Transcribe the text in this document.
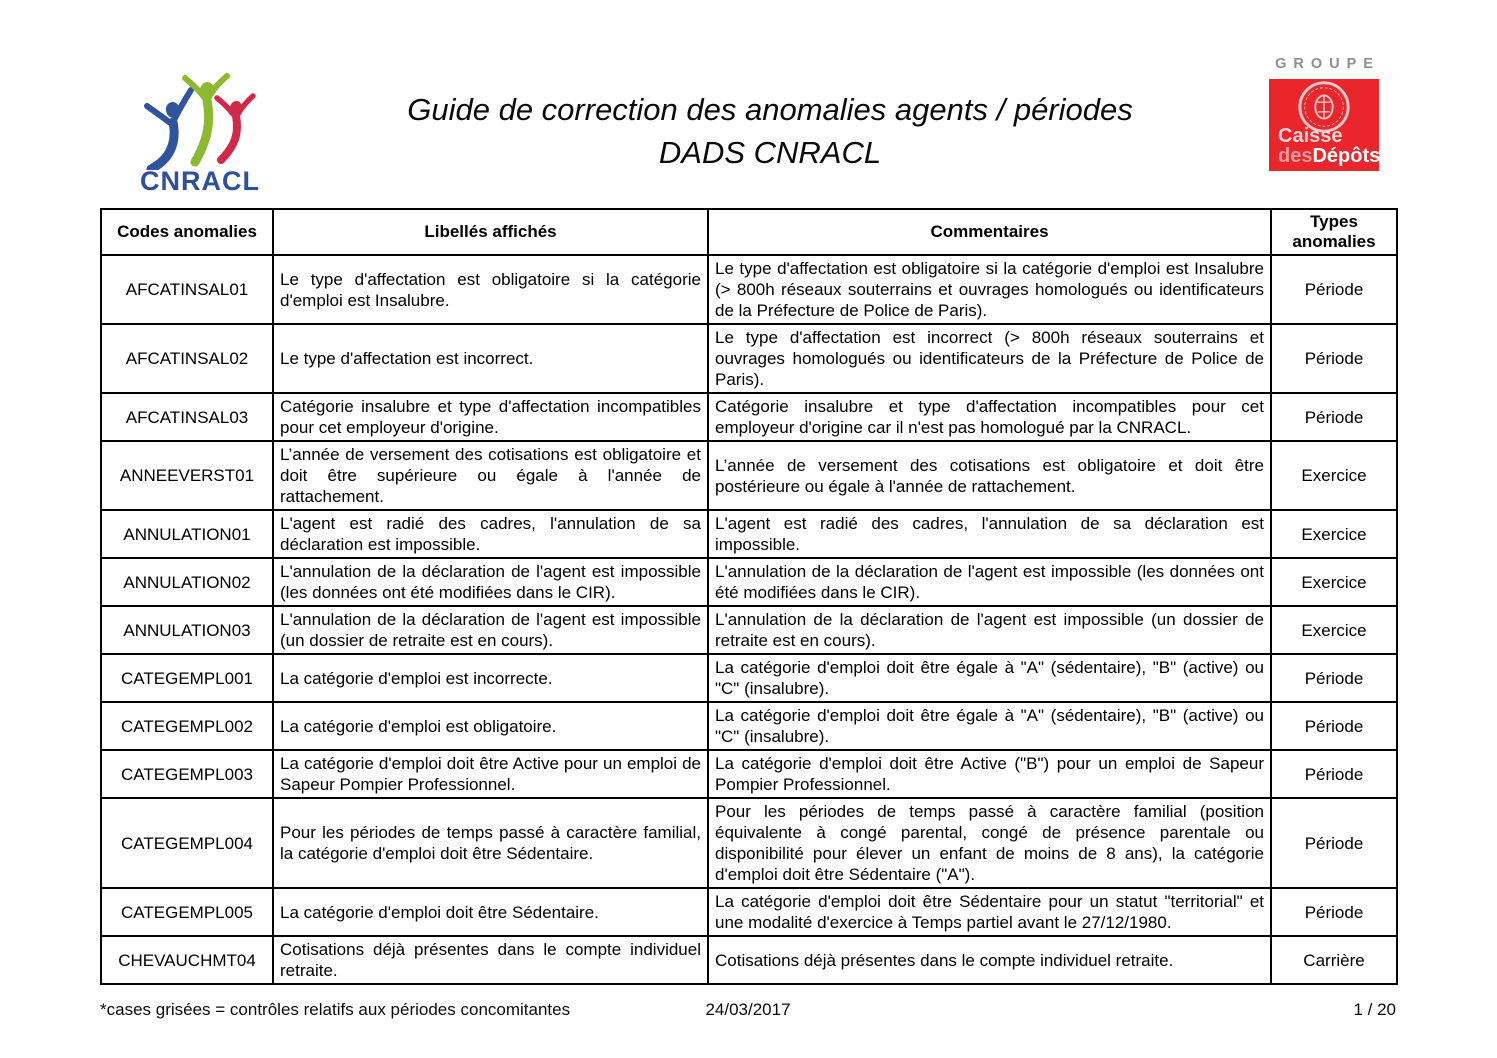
CNRACL
Guide de correction des anomalies agents / périodes
DADS CNRACL
GROUPE
Caisse
desDépôts
Codes anomalies	Libellés affichés	Commentaires	Types anomalies
AFCATINSAL01	Le type d'affectation est obligatoire si la catégorie d'emploi est Insalubre.	Le type d'affectation est obligatoire si la catégorie d'emploi est Insalubre (> 800h réseaux souterrains et ouvrages homologués ou identificateurs de la Préfecture de Police de Paris).	Période
AFCATINSAL02	Le type d'affectation est incorrect.	Le type d'affectation est incorrect (> 800h réseaux souterrains et ouvrages homologués ou identificateurs de la Préfecture de Police de Paris).	Période
AFCATINSAL03	Catégorie insalubre et type d'affectation incompatibles pour cet employeur d'origine.	Catégorie insalubre et type d'affectation incompatibles pour cet employeur d'origine car il n'est pas homologué par la CNRACL.	Période
ANNEEVERST01	L’année de versement des cotisations est obligatoire et doit être supérieure ou égale à l'année de rattachement.	L’année de versement des cotisations est obligatoire et doit être postérieure ou égale à l'année de rattachement.	Exercice
ANNULATION01	L'agent est radié des cadres, l'annulation de sa déclaration est impossible.	L'agent est radié des cadres, l'annulation de sa déclaration est impossible.	Exercice
ANNULATION02	L'annulation de la déclaration de l'agent est impossible (les données ont été modifiées dans le CIR).	L'annulation de la déclaration de l'agent est impossible (les données ont été modifiées dans le CIR).	Exercice
ANNULATION03	L'annulation de la déclaration de l'agent est impossible (un dossier de retraite est en cours).	L'annulation de la déclaration de l'agent est impossible (un dossier de retraite est en cours).	Exercice
CATEGEMPL001	La catégorie d'emploi est incorrecte.	La catégorie d'emploi doit être égale à "A" (sédentaire), "B" (active) ou "C" (insalubre).	Période
CATEGEMPL002	La catégorie d'emploi est obligatoire.	La catégorie d'emploi doit être égale à "A" (sédentaire), "B" (active) ou "C" (insalubre).	Période
CATEGEMPL003	La catégorie d'emploi doit être Active pour un emploi de Sapeur Pompier Professionnel.	La catégorie d'emploi doit être Active ("B") pour un emploi de Sapeur Pompier Professionnel.	Période
CATEGEMPL004	Pour les périodes de temps passé à caractère familial, la catégorie d'emploi doit être Sédentaire.	Pour les périodes de temps passé à caractère familial (position équivalente à congé parental, congé de présence parentale ou disponibilité pour élever un enfant de moins de 8 ans), la catégorie d'emploi doit être Sédentaire ("A").	Période
CATEGEMPL005	La catégorie d'emploi doit être Sédentaire.	La catégorie d'emploi doit être Sédentaire pour un statut "territorial" et une modalité d'exercice à Temps partiel avant le 27/12/1980.	Période
CHEVAUCHMT04	Cotisations déjà présentes dans le compte individuel retraite.	Cotisations déjà présentes dans le compte individuel retraite.	Carrière
*cases grisées = contrôles relatifs aux périodes concomitantes	24/03/2017	1 / 20
